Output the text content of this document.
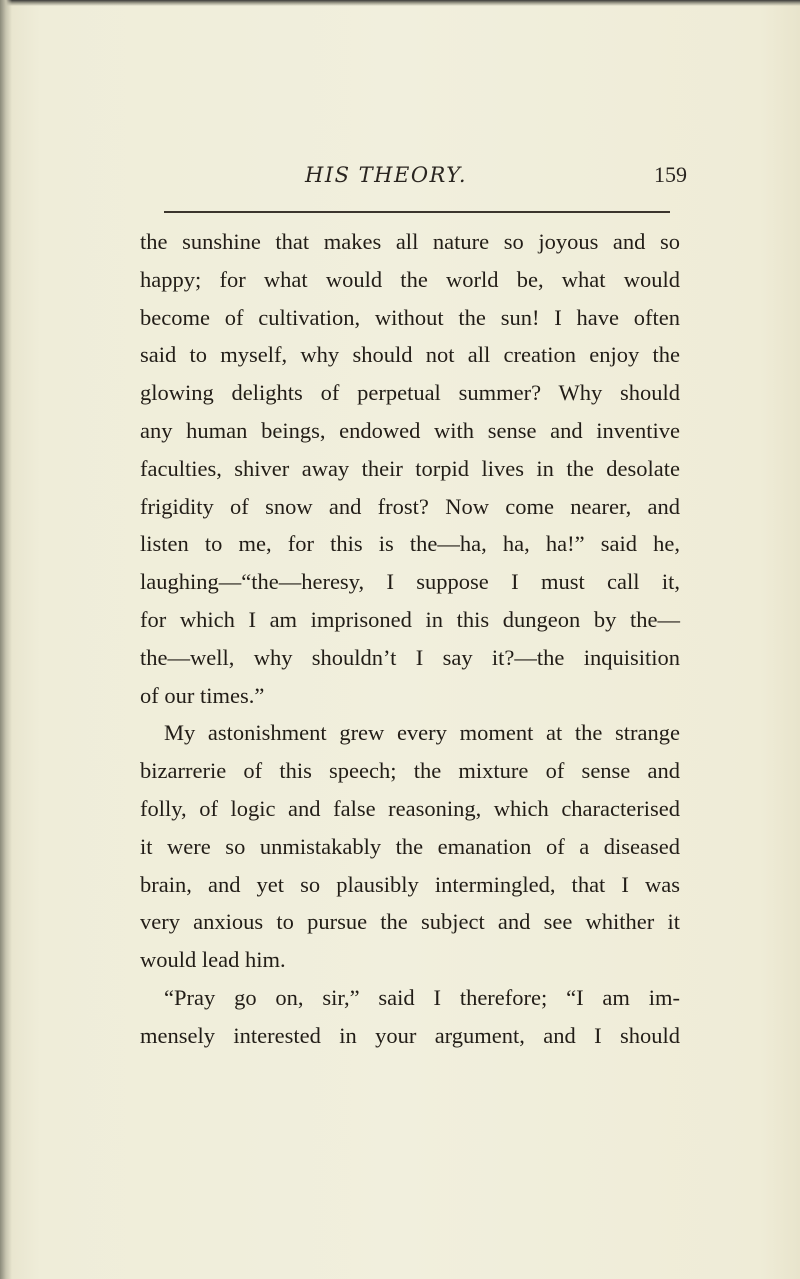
HIS THEORY.	159
the sunshine that makes all nature so joyous and so
happy; for what would the world be, what would
become of cultivation, without the sun! I have often
said to myself, why should not all creation enjoy the
glowing delights of perpetual summer? Why should
any human beings, endowed with sense and inventive
faculties, shiver away their torpid lives in the desolate
frigidity of snow and frost? Now come nearer, and
listen to me, for this is the—ha, ha, ha!” said he,
laughing—“the—heresy, I suppose I must call it,
for which I am imprisoned in this dungeon by the—
the—well, why shouldn’t I say it?—the inquisition
of our times.”
My astonishment grew every moment at the strange
bizarrerie of this speech; the mixture of sense and
folly, of logic and false reasoning, which characterised
it were so unmistakably the emanation of a diseased
brain, and yet so plausibly intermingled, that I was
very anxious to pursue the subject and see whither it
would lead him.
“Pray go on, sir,” said I therefore; “I am im-
mensely interested in your argument, and I should
